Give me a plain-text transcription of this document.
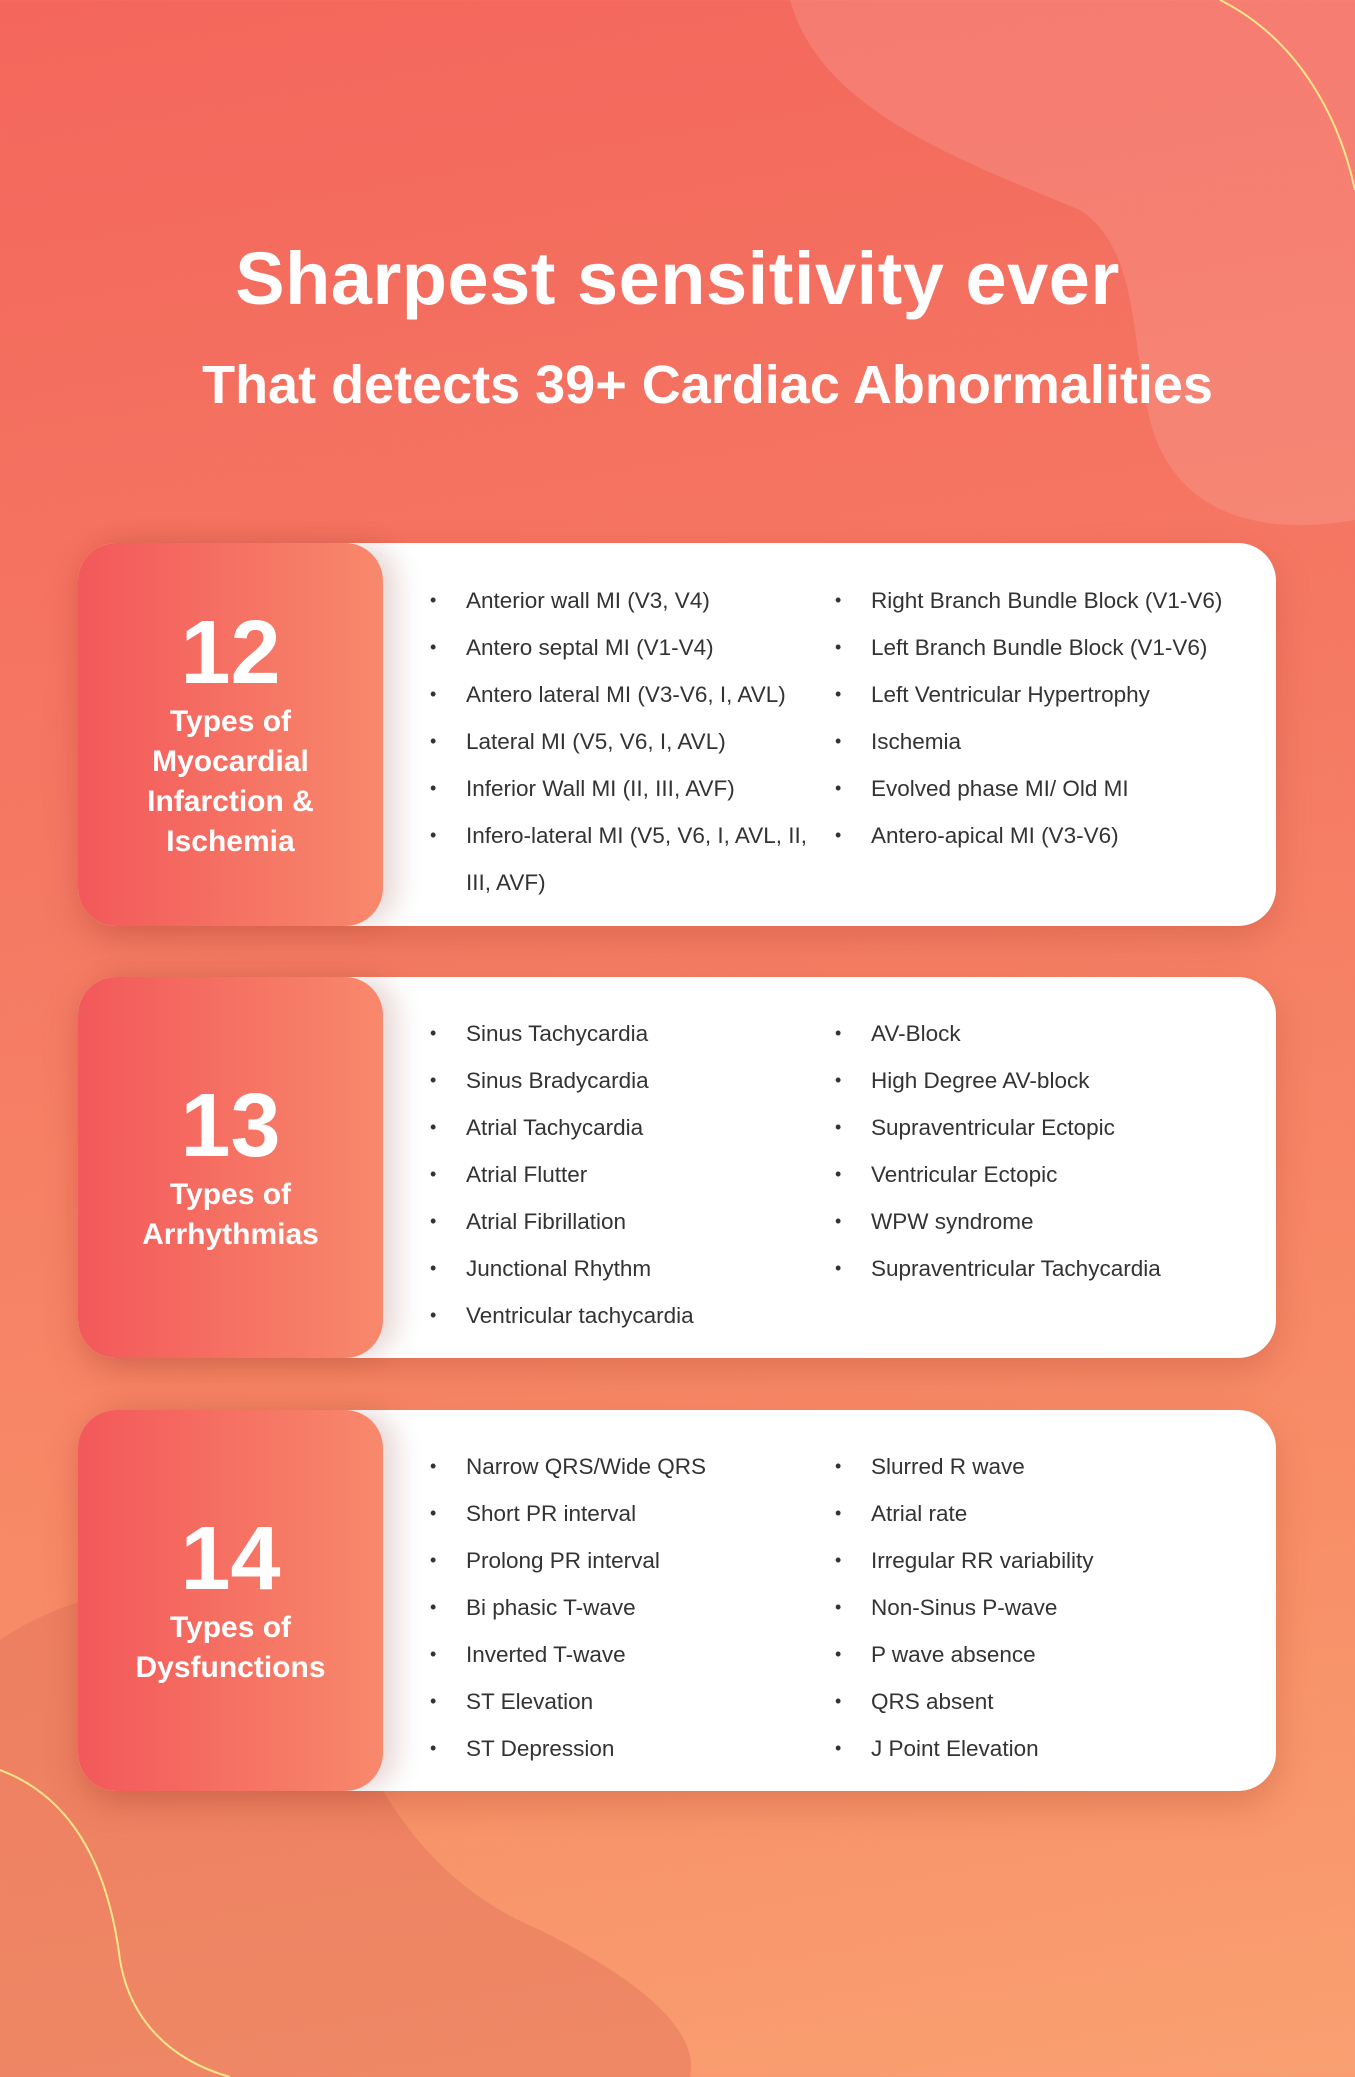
Sharpest sensitivity ever
That detects 39+ Cardiac Abnormalities
12
Types of Myocardial Infarction & Ischemia
• Anterior wall MI (V3, V4)
• Antero septal MI (V1-V4)
• Antero lateral MI (V3-V6, I, AVL)
• Lateral MI (V5, V6, I, AVL)
• Inferior Wall MI (II, III, AVF)
• Infero-lateral MI (V5, V6, I, AVL, II, III, AVF)
• Right Branch Bundle Block (V1-V6)
• Left Branch Bundle Block (V1-V6)
• Left Ventricular Hypertrophy
• Ischemia
• Evolved phase MI/ Old MI
• Antero-apical MI (V3-V6)
13
Types of Arrhythmias
• Sinus Tachycardia
• Sinus Bradycardia
• Atrial Tachycardia
• Atrial Flutter
• Atrial Fibrillation
• Junctional Rhythm
• Ventricular tachycardia
• AV-Block
• High Degree AV-block
• Supraventricular Ectopic
• Ventricular Ectopic
• WPW syndrome
• Supraventricular Tachycardia
14
Types of Dysfunctions
• Narrow QRS/Wide QRS
• Short PR interval
• Prolong PR interval
• Bi phasic T-wave
• Inverted T-wave
• ST Elevation
• ST Depression
• Slurred R wave
• Atrial rate
• Irregular RR variability
• Non-Sinus P-wave
• P wave absence
• QRS absent
• J Point Elevation
